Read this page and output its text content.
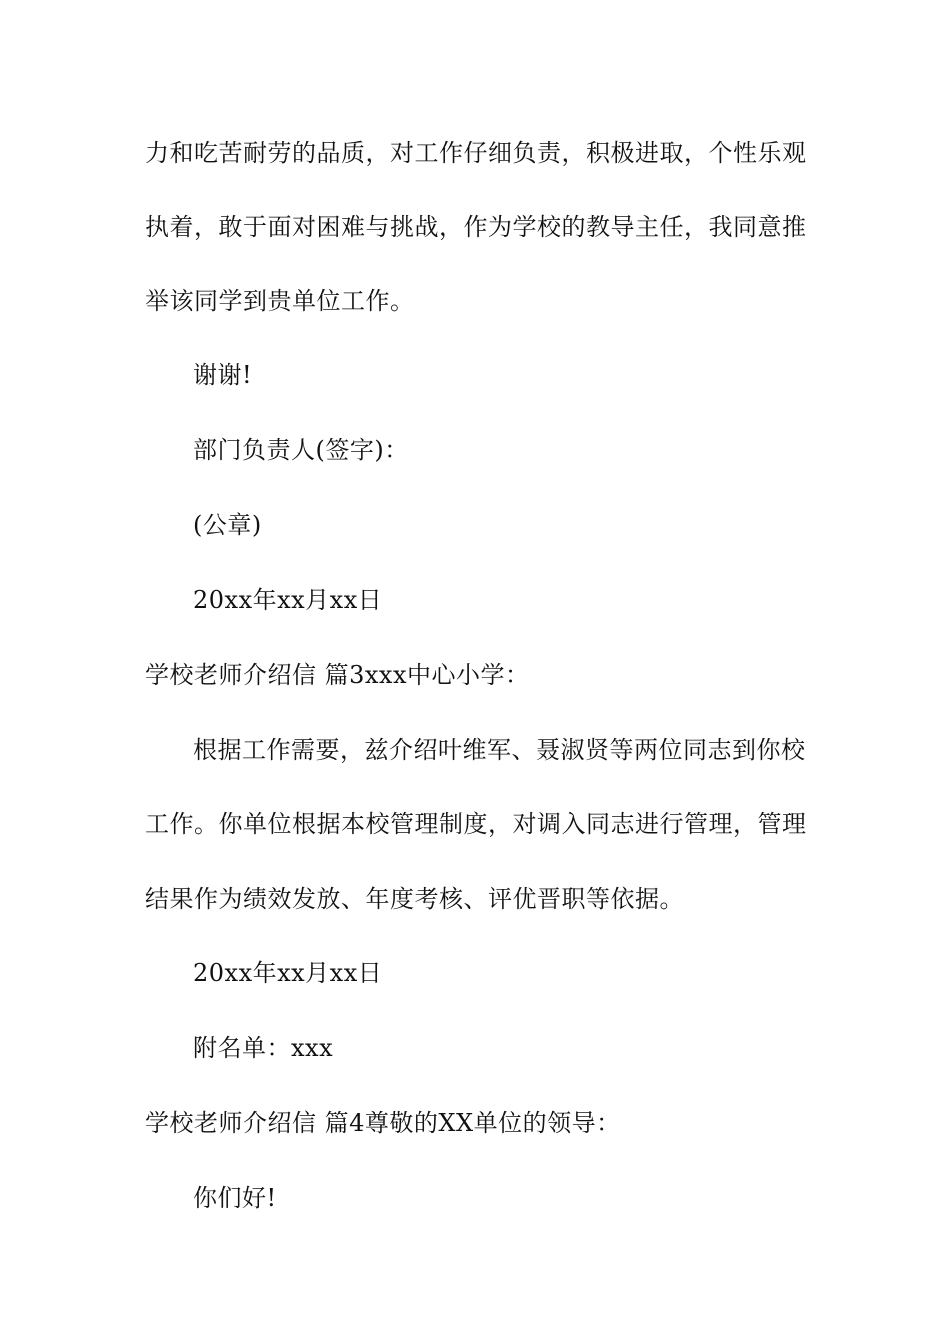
力和吃苦耐劳的品质，对工作仔细负责，积极进取，个性乐观
执着，敢于面对困难与挑战，作为学校的教导主任，我同意推
举该同学到贵单位工作。
谢谢!
部门负责人(签字)：
(公章)
20xx年xx月xx日
学校老师介绍信 篇3xxx中心小学：
根据工作需要，兹介绍叶维军、聂淑贤等两位同志到你校
工作。你单位根据本校管理制度，对调入同志进行管理，管理
结果作为绩效发放、年度考核、评优晋职等依据。
20xx年xx月xx日
附名单：xxx
学校老师介绍信 篇4尊敬的XX单位的领导：
你们好!
